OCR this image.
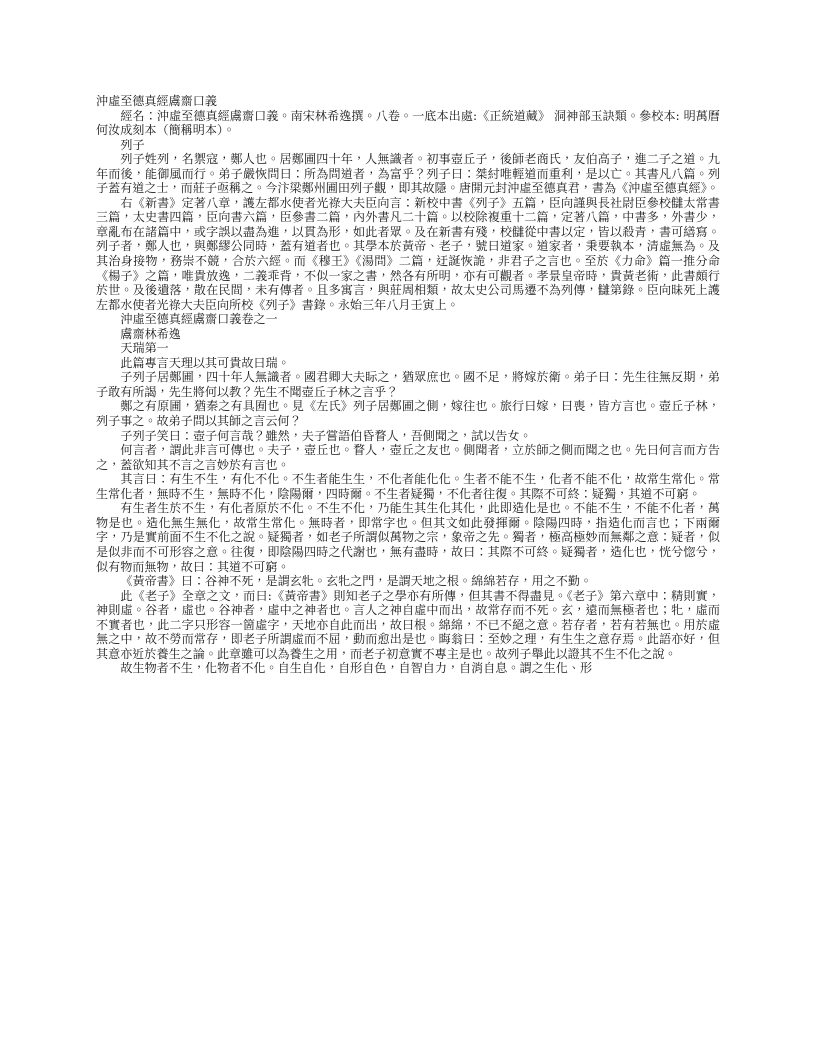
沖虛至德真經鬳齋口義

經名：沖虛至德真經鬳齋口義。南宋林希逸撰。八卷。一底本出處:《正統道藏》 洞神部玉訣類。參校本: 明萬曆何汝成刻本（簡稱明本）。

列子

列子姓列，名禦寇，鄭人也。居鄭圃四十年，人無識者。初事壺丘子，後師老商氏，友伯高子，進二子之道。九年而後，能御風而行。弟子嚴恢問曰：所為問道者，為富乎？列子曰：桀紂唯輕道而重利，是以亡。其書凡八篇。列子蓋有道之士，而莊子亟稱之。今汴梁鄭州圃田列子觀，即其故隱。唐開元封沖虛至德真君，書為《沖虛至德真經》。

右《新書》定著八章，護左都水使者光祿大夫臣向言：新校中書《列子》五篇，臣向謹與長社尉臣參校讎太常書三篇，太史書四篇，臣向書六篇，臣參書二篇，內外書凡二十篇。以校除複重十二篇，定著八篇，中書多，外書少，章亂布在諸篇中，或字誤以盡為進，以貫為形，如此者眾。及在新書有殘，校讎從中書以定，皆以殺青，書可繕寫。列子者，鄭人也，與鄭繆公同時，蓋有道者也。其學本於黃帝、老子，號曰道家。道家者，秉要執本，清虛無為。及其治身接物，務崇不競，合於六經。而《穆王》《湯問》二篇，迂誕恢詭，非君子之言也。至於《力命》篇一推分命《楊子》之篇，唯貴放逸，二義乖背，不似一家之書，然各有所明，亦有可觀者。孝景皇帝時，貴黃老術，此書頗行於世。及後遺落，散在民間，未有傳者。且多寓言，與莊周相類，故太史公司馬遷不為列傳，讎第錄。臣向昧死上護左都水使者光祿大夫臣向所校《列子》書錄。永始三年八月壬寅上。

沖虛至德真經鬳齋口義卷之一

鬳齋林希逸

天瑞第一

此篇專言天理以其可貴故曰瑞。

子列子居鄭圃，四十年人無識者。國君卿大夫眎之，猶眾庶也。國不足，將嫁於衛。弟子曰：先生往無反期，弟子敢有所謁，先生將何以教？先生不聞壺丘子林之言乎？

鄭之有原圃，猶秦之有具囿也。見《左氏》列子居鄭圃之側，嫁往也。旅行曰嫁，曰喪，皆方言也。壺丘子林，列子事之。故弟子問以其師之言云何？

子列子笑曰：壺子何言哉？雖然，夫子嘗語伯昏瞀人，吾側聞之，試以告女。

何言者，謂此非言可傳也。夫子，壺丘也。瞀人，壺丘之友也。側聞者，立於師之側而聞之也。先曰何言而方告之，蓋欲知其不言之言妙於有言也。

其言曰：有生不生，有化不化。不生者能生生，不化者能化化。生者不能不生，化者不能不化，故常生常化。常生常化者，無時不生，無時不化，陰陽爾，四時爾。不生者疑獨，不化者往復。其際不可終：疑獨，其道不可窮。

有生者生於不生，有化者原於不化。不生不化，乃能生其生化其化，此即造化是也。不能不生，不能不化者，萬物是也。造化無生無化，故常生常化。無時者，即常字也。但其文如此發揮爾。陰陽四時，指造化而言也；下兩爾字，乃是實前面不生不化之說。疑獨者，如老子所謂似萬物之宗，象帝之先。獨者，極高極妙而無鄰之意：疑者，似是似非而不可形容之意。往復，即陰陽四時之代謝也，無有盡時，故曰：其際不可終。疑獨者，造化也，恍兮惚兮，似有物而無物，故曰：其道不可窮。

《黃帝書》曰：谷神不死，是謂玄牝。玄牝之門，是謂天地之根。綿綿若存，用之不勤。

此《老子》全章之文，而曰:《黃帝書》則知老子之學亦有所傳，但其書不得盡見。《老子》第六章中：精則實，神則虛。谷者，虛也。谷神者，虛中之神者也。言人之神自虛中而出，故常存而不死。玄，遠而無極者也；牝，虛而不實者也，此二字只形容一箇虛字，天地亦自此而出，故曰根。綿綿，不已不絕之意。若存者，若有若無也。用於虛無之中，故不勞而常存，即老子所謂虛而不屈，動而愈出是也。晦翁曰：至妙之理，有生生之意存焉。此語亦好，但其意亦近於養生之論。此章雖可以為養生之用，而老子初意實不專主是也。故列子舉此以證其不生不化之說。

故生物者不生，化物者不化。自生自化，自形自色，自智自力，自消自息。謂之生化、形
